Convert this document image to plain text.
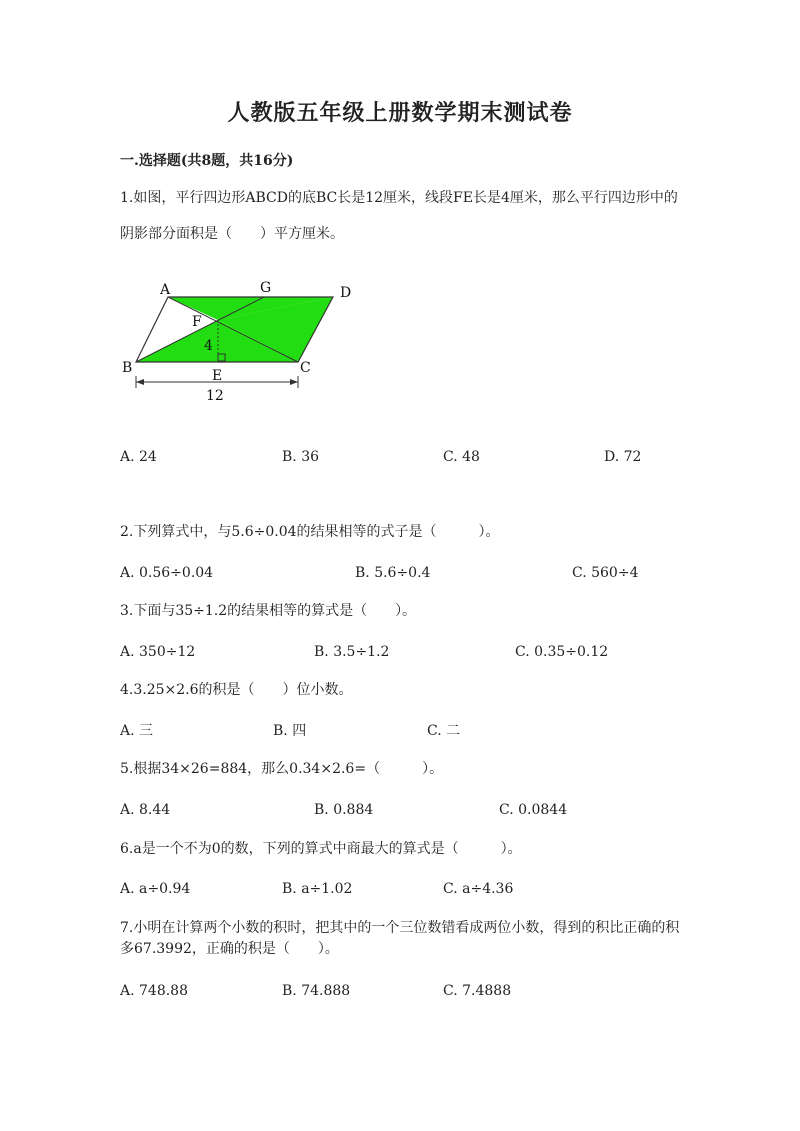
人教版五年级上册数学期末测试卷
一.选择题(共8题，共16分)
1.如图，平行四边形ABCD的底BC长是12厘米，线段FE长是4厘米，那么平行四边形中的阴影部分面积是（　　）平方厘米。
A	G	D
F
4
B	E	C
12
A. 24	B. 36	C. 48	D. 72
2.下列算式中，与5.6÷0.04的结果相等的式子是（　　　）。
A. 0.56÷0.04	B. 5.6÷0.4	C. 560÷4
3.下面与35÷1.2的结果相等的算式是（　　）。
A. 350÷12	B. 3.5÷1.2	C. 0.35÷0.12
4.3.25×2.6的积是（　　）位小数。
A. 三	B. 四	C. 二
5.根据34×26=884，那么0.34×2.6=（　　　）。
A. 8.44	B. 0.884	C. 0.0844
6.a是一个不为0的数，下列的算式中商最大的算式是（　　　）。
A. a÷0.94	B. a÷1.02	C. a÷4.36
7.小明在计算两个小数的积时，把其中的一个三位数错看成两位小数，得到的积比正确的积多67.3992，正确的积是（　　）。
A. 748.88	B. 74.888	C. 7.4888
